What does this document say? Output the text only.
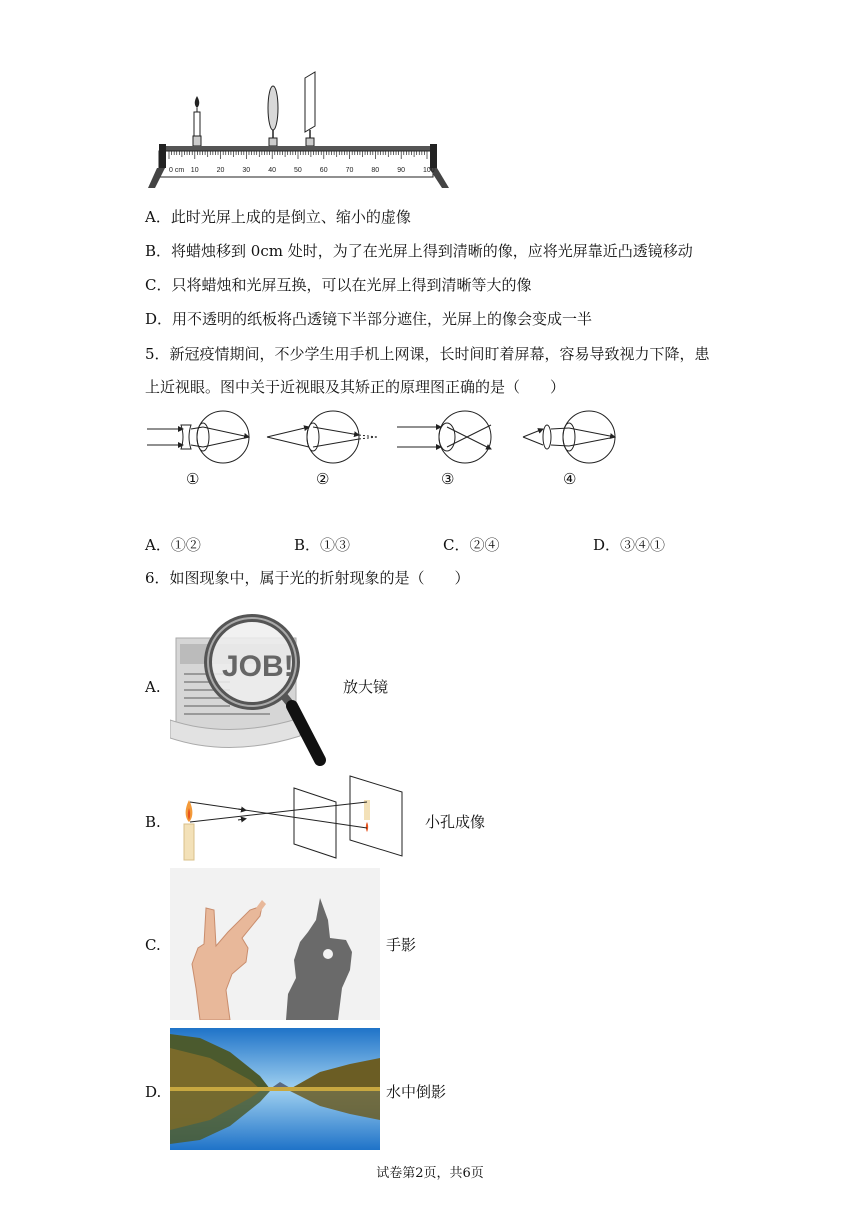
0 cm 10	20	30	40	50	60	70	80	90	100
A．此时光屏上成的是倒立、缩小的虚像
B．将蜡烛移到 0cm 处时，为了在光屏上得到清晰的像，应将光屏靠近凸透镜移动
C．只将蜡烛和光屏互换，可以在光屏上得到清晰等大的像
D．用不透明的纸板将凸透镜下半部分遮住，光屏上的像会变成一半
5．新冠疫情期间，不少学生用手机上网课，长时间盯着屏幕，容易导致视力下降，患
上近视眼。图中关于近视眼及其矫正的原理图正确的是（　　）
①	②	③	④
A．①②	B．①③	C．②④	D．③④①
6．如图现象中，属于光的折射现象的是（　　）
A.
JOB!
放大镜
B.	小孔成像
C.	手影
D.	水中倒影
试卷第2页，共6页
